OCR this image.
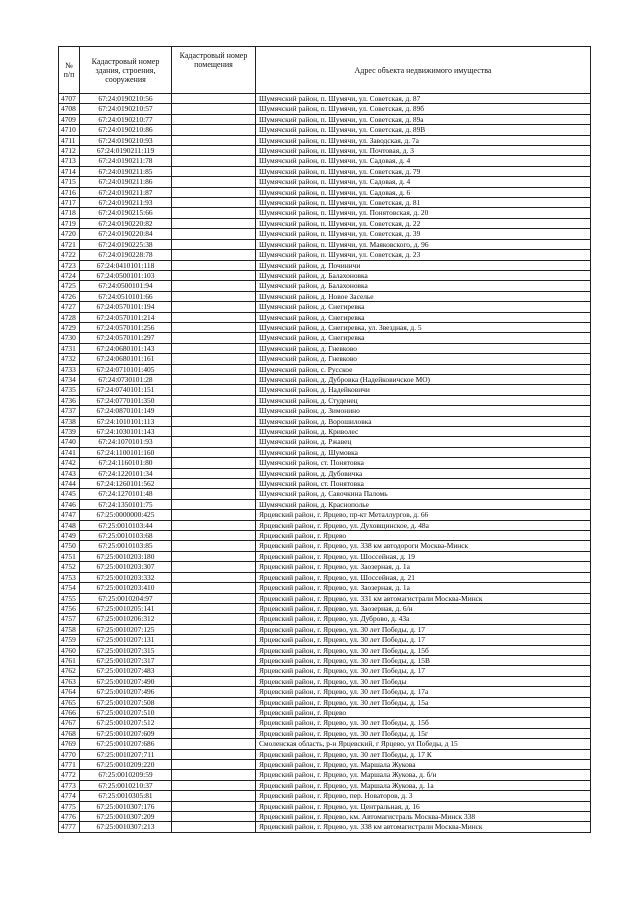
№ п/п	Кадастровый номер здания, строения, сооружения	Кадастровый номер помещения	Адрес объекта недвижимого имущества
4707	67:24:0190210:56		Шумячский район, п. Шумячи, ул. Советская, д. 87
4708	67:24:0190210:57		Шумячский район, п. Шумячи, ул. Советская, д. 89б
4709	67:24:0190210:77		Шумячский район, п. Шумячи, ул. Советская, д. 89а
4710	67:24:0190210:86		Шумячский район, п. Шумячи, ул. Советская, д. 89В
4711	67:24:0190210:93		Шумячский район, п. Шумячи, ул. Заводская, д. 7а
4712	67:24:0190211:119		Шумячский район, п. Шумячи, ул. Почтовая, д. 3
4713	67:24:0190211:78		Шумячский район, п. Шумячи, ул. Садовая, д. 4
4714	67:24:0190211:85		Шумячский район, п. Шумячи, ул. Советская, д. 79
4715	67:24:0190211:86		Шумячский район, п. Шумячи, ул. Садовая, д. 4
4716	67:24:0190211:87		Шумячский район, п. Шумячи, ул. Садовая, д. 6
4717	67:24:0190211:93		Шумячский район, п. Шумячи, ул. Советская, д. 81
4718	67:24:0190215:66		Шумячский район, п. Шумячи, ул. Понятовская, д. 20
4719	67:24:0190220:82		Шумячский район, п. Шумячи, ул. Советская, д. 22
4720	67:24:0190220:84		Шумячский район, п. Шумячи, ул. Советская, д. 39
4721	67:24:0190225:38		Шумячский район, п. Шумячи, ул. Маяковского, д. 96
4722	67:24:0190228:78		Шумячский район, п. Шумячи, ул. Советская, д. 23
4723	67:24:0410101:118		Шумячский район, д. Починичи
4724	67:24:0500101:103		Шумячский район, д. Балахоновка
4725	67:24:0500101:94		Шумячский район, д. Балахоновка
4726	67:24:0510101:66		Шумячский район, д. Новое Заселье
4727	67:24:0570101:194		Шумячский район, д. Снегиревка
4728	67:24:0570101:214		Шумячский район, д. Снегиревка
4729	67:24:0570101:256		Шумячский район, д. Снегиревка, ул. Звездная, д. 5
4730	67:24:0570101:297		Шумячский район, д. Снегиревка
4731	67:24:0680101:143		Шумячский район, д. Гневково
4732	67:24:0680101:161		Шумячский район, д. Гневково
4733	67:24:0710101:405		Шумячский район, с. Русское
4734	67:24:0730101:28		Шумячский район, д. Дубровка (Надейковичское МО)
4735	67:24:0740101:151		Шумячский район, д. Надейковичи
4736	67:24:0770101:350		Шумячский район, д. Студенец
4737	67:24:0870101:149		Шумячский район, д. Зимонино
4738	67:24:1010101:113		Шумячский район, д. Ворошиловка
4739	67:24:1030101:143		Шумячский район, д. Криволес
4740	67:24:1070101:93		Шумячский район, д. Ржавец
4741	67:24:1100101:160		Шумячский район, д. Шумовка
4742	67:24:1160101:80		Шумячский район, ст. Понятовка
4743	67:24:1220101:34		Шумячский район, д. Дубовичка
4744	67:24:1260101:562		Шумячский район, ст. Понятовка
4745	67:24:1270101:48		Шумячский район, д. Савочкина Паломь
4746	67:24:1350101:75		Шумячский район, д. Краснополье
4747	67:25:0000000:425		Ярцевский район, г. Ярцево, пр-кт Металлургов, д. 66
4748	67:25:0010103:44		Ярцевский район, г. Ярцево, ул. Духовщинское, д. 48а
4749	67:25:0010103:68		Ярцевский район, г. Ярцево
4750	67:25:0010103:85		Ярцевский район, г. Ярцево, ул. 338 км автодороги Москва-Минск
4751	67:25:0010203:180		Ярцевский район, г. Ярцево, ул. Шоссейная, д. 19
4752	67:25:0010203:307		Ярцевский район, г. Ярцево, ул. Заозерная, д. 1а
4753	67:25:0010203:332		Ярцевский район, г. Ярцево, ул. Шоссейная, д. 21
4754	67:25:0010203:410		Ярцевский район, г. Ярцево, ул. Заозерная, д. 1а
4755	67:25:0010204:97		Ярцевский район, г. Ярцево, ул. 331 км автомагистрали Москва-Минск
4756	67:25:0010205:141		Ярцевский район, г. Ярцево, ул. Заозерная, д. 6/н
4757	67:25:0010206:312		Ярцевский район, г. Ярцево, ул. Дуброво, д. 43а
4758	67:25:0010207:125		Ярцевский район, г. Ярцево, ул. 30 лет Победы, д. 17
4759	67:25:0010207:131		Ярцевский район, г. Ярцево, ул. 30 лет Победы, д. 17
4760	67:25:0010207:315		Ярцевский район, г. Ярцево, ул. 30 лет Победы, д. 15б
4761	67:25:0010207:317		Ярцевский район, г. Ярцево, ул. 30 лет Победы, д. 15В
4762	67:25:0010207:483		Ярцевский район, г. Ярцево, ул. 30 лет Победы, д. 17
4763	67:25:0010207:490		Ярцевский район, г. Ярцево, ул. 30 лет Победы
4764	67:25:0010207:496		Ярцевский район, г. Ярцево, ул. 30 лет Победы, д. 17а
4765	67:25:0010207:508		Ярцевский район, г. Ярцево, ул. 30 лет Победы, д. 15а
4766	67:25:0010207:510		Ярцевский район, г. Ярцево
4767	67:25:0010207:512		Ярцевский район, г. Ярцево, ул. 30 лет Победы, д. 15б
4768	67:25:0010207:609		Ярцевский район, г. Ярцево, ул. 30 лет Победы, д. 15г
4769	67:25:0010207:686		Смоленская область, р-н Ярцевский, г Ярцево, ул Победы, д 15
4770	67:25:0010207:711		Ярцевский район, г. Ярцево, ул. 30 лет Победы, д. 17 К
4771	67:25:0010209:220		Ярцевский район, г. Ярцево, ул. Маршала Жукова
4772	67:25:0010209:59		Ярцевский район, г. Ярцево, ул. Маршала Жукова, д. б/н
4773	67:25:0010210:37		Ярцевский район, г. Ярцево, ул. Маршала Жукова, д. 1а
4774	67:25:0010305:81		Ярцевский район, г. Ярцево, пер. Новаторов, д. 3
4775	67:25:0010307:176		Ярцевский район, г. Ярцево, ул. Центральная, д. 16
4776	67:25:0010307:209		Ярцевский район, г. Ярцево, км. Автомагистраль Москва-Минск 338
4777	67:25:0010307:213		Ярцевский район, г. Ярцево, ул. 338 км автомагистрали Москва-Минск
